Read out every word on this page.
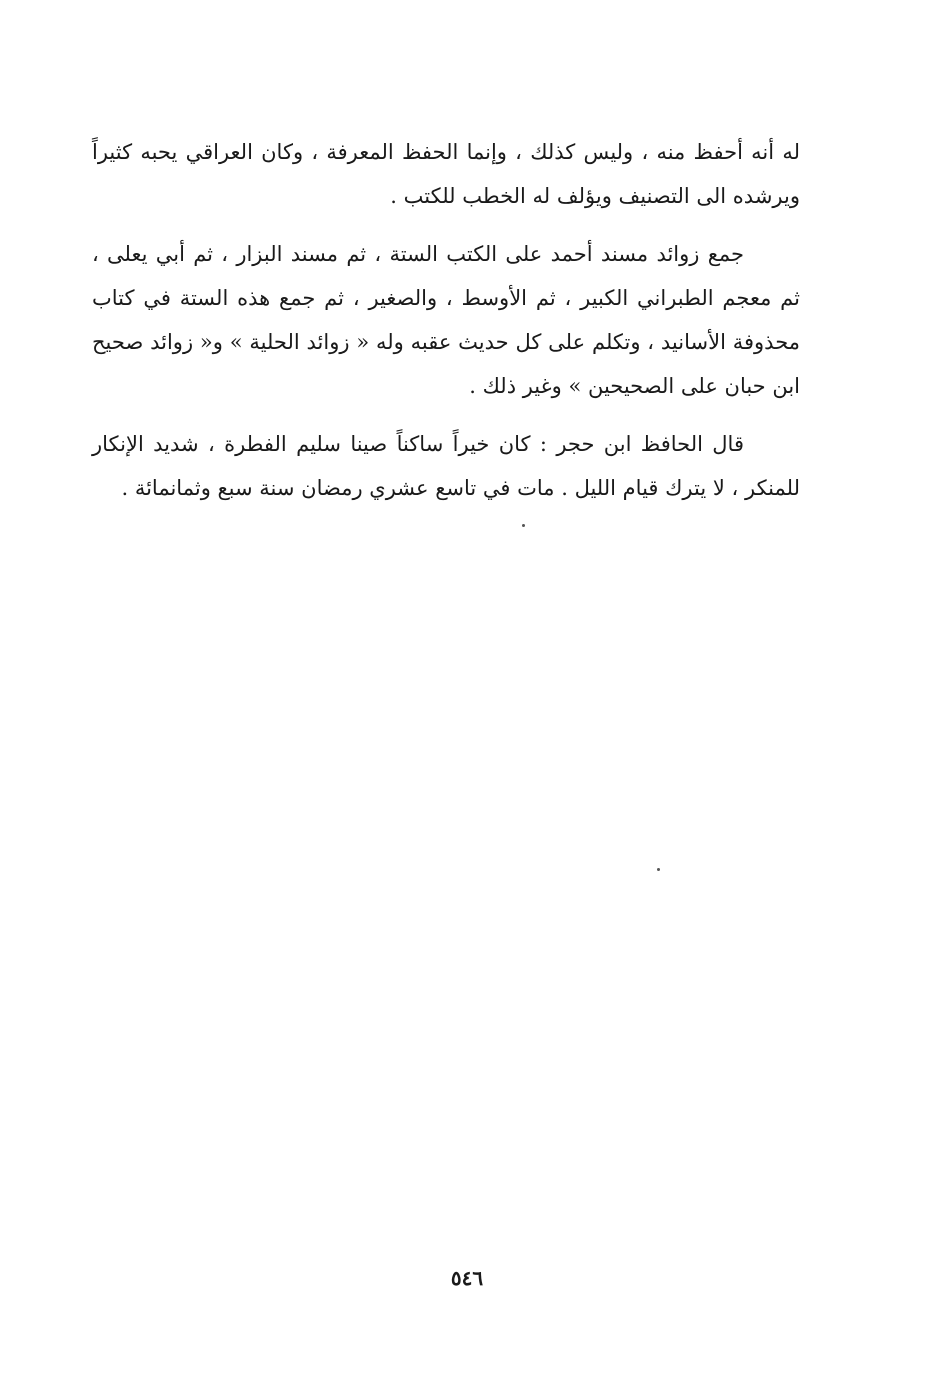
له أنه أحفظ منه ، وليس كذلك ، وإنما الحفظ المعرفة ، وكان العراقي يحبه كثيراً ويرشده الى التصنيف ويؤلف له الخطب للكتب .

جمع زوائد مسند أحمد على الكتب الستة ، ثم مسند البزار ، ثم أبي يعلى ، ثم معجم الطبراني الكبير ، ثم الأوسط ، والصغير ، ثم جمع هذه الستة في كتاب محذوفة الأسانيد ، وتكلم على كل حديث عقبه وله « زوائد الحلية » و« زوائد صحيح ابن حبان على الصحيحين » وغير ذلك .

قال الحافظ ابن حجر : كان خيراً ساكناً صينا سليم الفطرة ، شديد الإنكار للمنكر ، لا يترك قيام الليل . مات في تاسع عشري رمضان سنة سبع وثمانمائة .

٥٤٦
